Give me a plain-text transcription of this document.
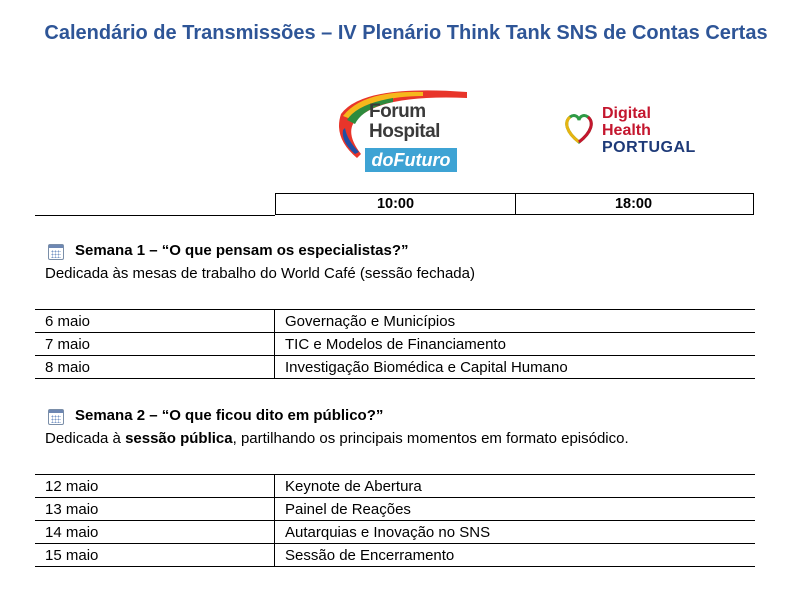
Calendário de Transmissões – IV Plenário Think Tank SNS de Contas Certas
Forum
Hospital
doFuturo
Digital
Health
PORTUGAL
10:00	18:00
Semana 1 – “O que pensam os especialistas?”
Dedicada às mesas de trabalho do World Café (sessão fechada)
6 maio	Governação e Municípios
7 maio	TIC e Modelos de Financiamento
8 maio	Investigação Biomédica e Capital Humano
Semana 2 – “O que ficou dito em público?”
Dedicada à sessão pública, partilhando os principais momentos em formato episódico.
12 maio	Keynote de Abertura
13 maio	Painel de Reações
14 maio	Autarquias e Inovação no SNS
15 maio	Sessão de Encerramento
